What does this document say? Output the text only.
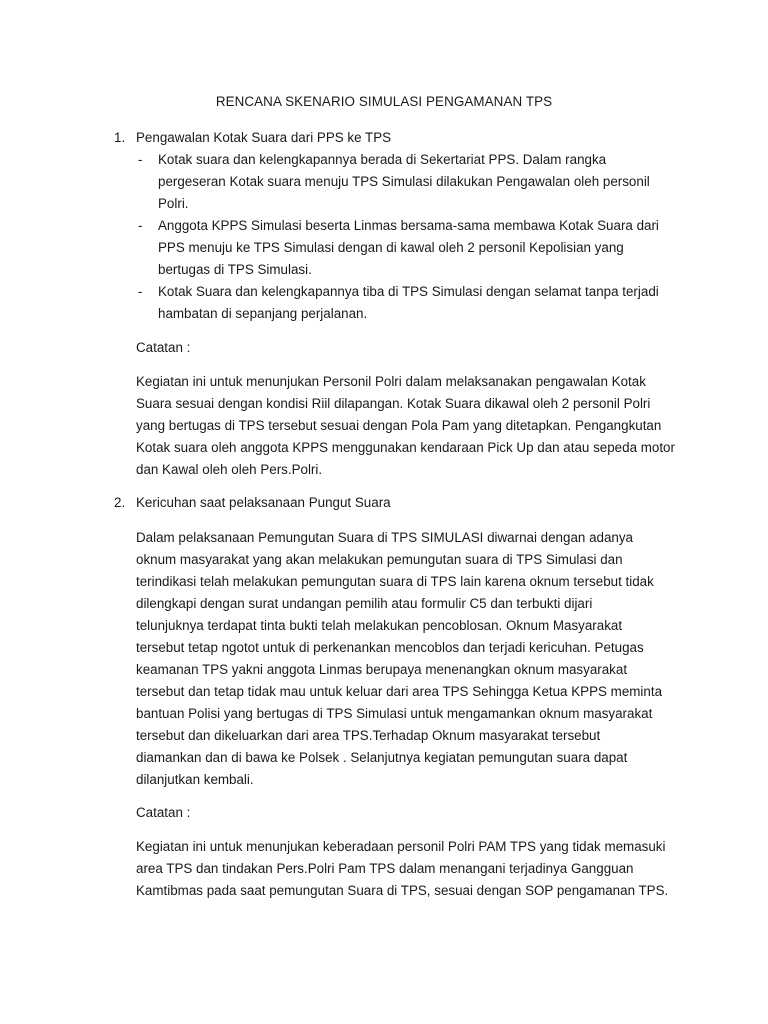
RENCANA SKENARIO SIMULASI PENGAMANAN TPS
1. Pengawalan Kotak Suara dari PPS ke TPS
- Kotak suara dan kelengkapannya berada di Sekertariat PPS. Dalam rangka
pergeseran Kotak suara menuju TPS Simulasi dilakukan Pengawalan oleh personil
Polri.
- Anggota KPPS Simulasi beserta Linmas bersama-sama membawa Kotak Suara dari
PPS menuju ke TPS Simulasi dengan di kawal oleh 2 personil Kepolisian yang
bertugas di TPS Simulasi.
- Kotak Suara dan kelengkapannya tiba di TPS Simulasi dengan selamat tanpa terjadi
hambatan di sepanjang perjalanan.
Catatan :
Kegiatan ini untuk menunjukan Personil Polri dalam melaksanakan pengawalan Kotak
Suara sesuai dengan kondisi Riil dilapangan. Kotak Suara dikawal oleh 2 personil Polri
yang bertugas di TPS tersebut sesuai dengan Pola Pam yang ditetapkan. Pengangkutan
Kotak suara oleh anggota KPPS menggunakan kendaraan Pick Up dan atau sepeda motor
dan Kawal oleh oleh Pers.Polri.
2. Kericuhan saat pelaksanaan Pungut Suara
Dalam pelaksanaan Pemungutan Suara di TPS SIMULASI diwarnai dengan adanya
oknum masyarakat yang akan melakukan pemungutan suara di TPS Simulasi dan
terindikasi telah melakukan pemungutan suara di TPS lain karena oknum tersebut tidak
dilengkapi dengan surat undangan pemilih atau formulir C5 dan terbukti dijari
telunjuknya terdapat tinta bukti telah melakukan pencoblosan. Oknum Masyarakat
tersebut tetap ngotot untuk di perkenankan mencoblos dan terjadi kericuhan. Petugas
keamanan TPS yakni anggota Linmas berupaya menenangkan oknum masyarakat
tersebut dan tetap tidak mau untuk keluar dari area TPS Sehingga Ketua KPPS meminta
bantuan Polisi yang bertugas di TPS Simulasi untuk mengamankan oknum masyarakat
tersebut dan dikeluarkan dari area TPS.Terhadap Oknum masyarakat tersebut
diamankan dan di bawa ke Polsek . Selanjutnya kegiatan pemungutan suara dapat
dilanjutkan kembali.
Catatan :
Kegiatan ini untuk menunjukan keberadaan personil Polri PAM TPS yang tidak memasuki
area TPS dan tindakan Pers.Polri Pam TPS dalam menangani terjadinya Gangguan
Kamtibmas pada saat pemungutan Suara di TPS, sesuai dengan SOP pengamanan TPS.
